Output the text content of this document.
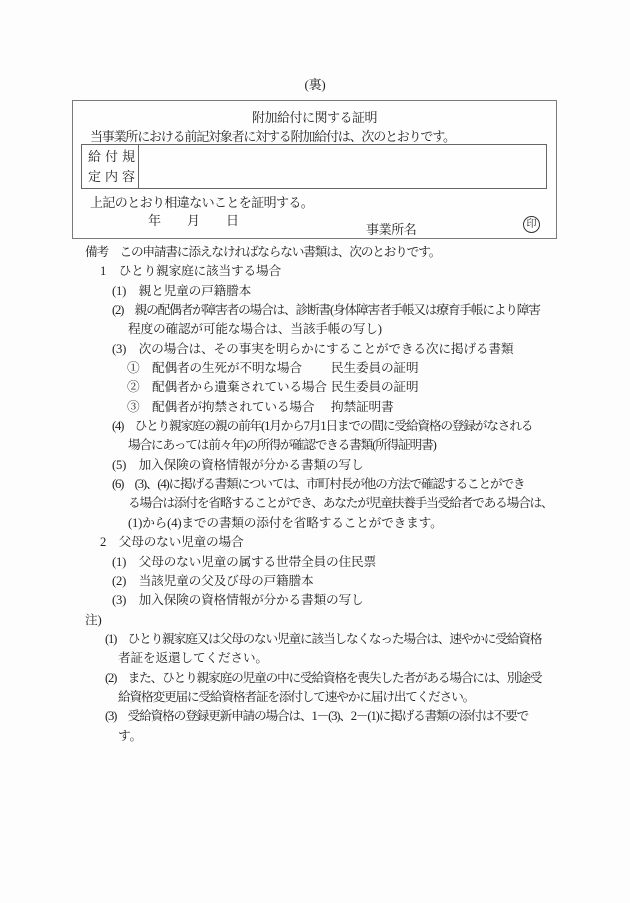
(裏)
附加給付に関する証明
当事業所における前記対象者に対する附加給付は、次のとおりです。
給付規
定内容
上記のとおり相違ないことを証明する。
年　　月　　日
事業所名	印
備考　この申請書に添えなければならない書類は、次のとおりです。
1　ひとり親家庭に該当する場合
(1)　親と児童の戸籍謄本
(2)　親の配偶者が障害者の場合は、診断書(身体障害者手帳又は療育手帳により障害
程度の確認が可能な場合は、当該手帳の写し)
(3)　次の場合は、その事実を明らかにすることができる次に掲げる書類
①　配偶者の生死が不明な場合 民生委員の証明
②　配偶者から遺棄されている場合 民生委員の証明
③　配偶者が拘禁されている場合 拘禁証明書
(4)　ひとり親家庭の親の前年(1月から7月1日までの間に受給資格の登録がなされる
場合にあっては前々年)の所得が確認できる書類(所得証明書)
(5)　加入保険の資格情報が分かる書類の写し
(6)　(3)、(4)に掲げる書類については、市町村長が他の方法で確認することができ
る場合は添付を省略することができ、あなたが児童扶養手当受給者である場合は、
(1)から(4)までの書類の添付を省略することができます。
2　父母のない児童の場合
(1)　父母のない児童の属する世帯全員の住民票
(2)　当該児童の父及び母の戸籍謄本
(3)　加入保険の資格情報が分かる書類の写し
注)
(1)　ひとり親家庭又は父母のない児童に該当しなくなった場合は、速やかに受給資格
者証を返還してください。
(2)　また、ひとり親家庭の児童の中に受給資格を喪失した者がある場合には、別途受
給資格変更届に受給資格者証を添付して速やかに届け出てください。
(3)　受給資格の登録更新申請の場合は、1－(3)、2－(1)に掲げる書類の添付は不要で
す。
